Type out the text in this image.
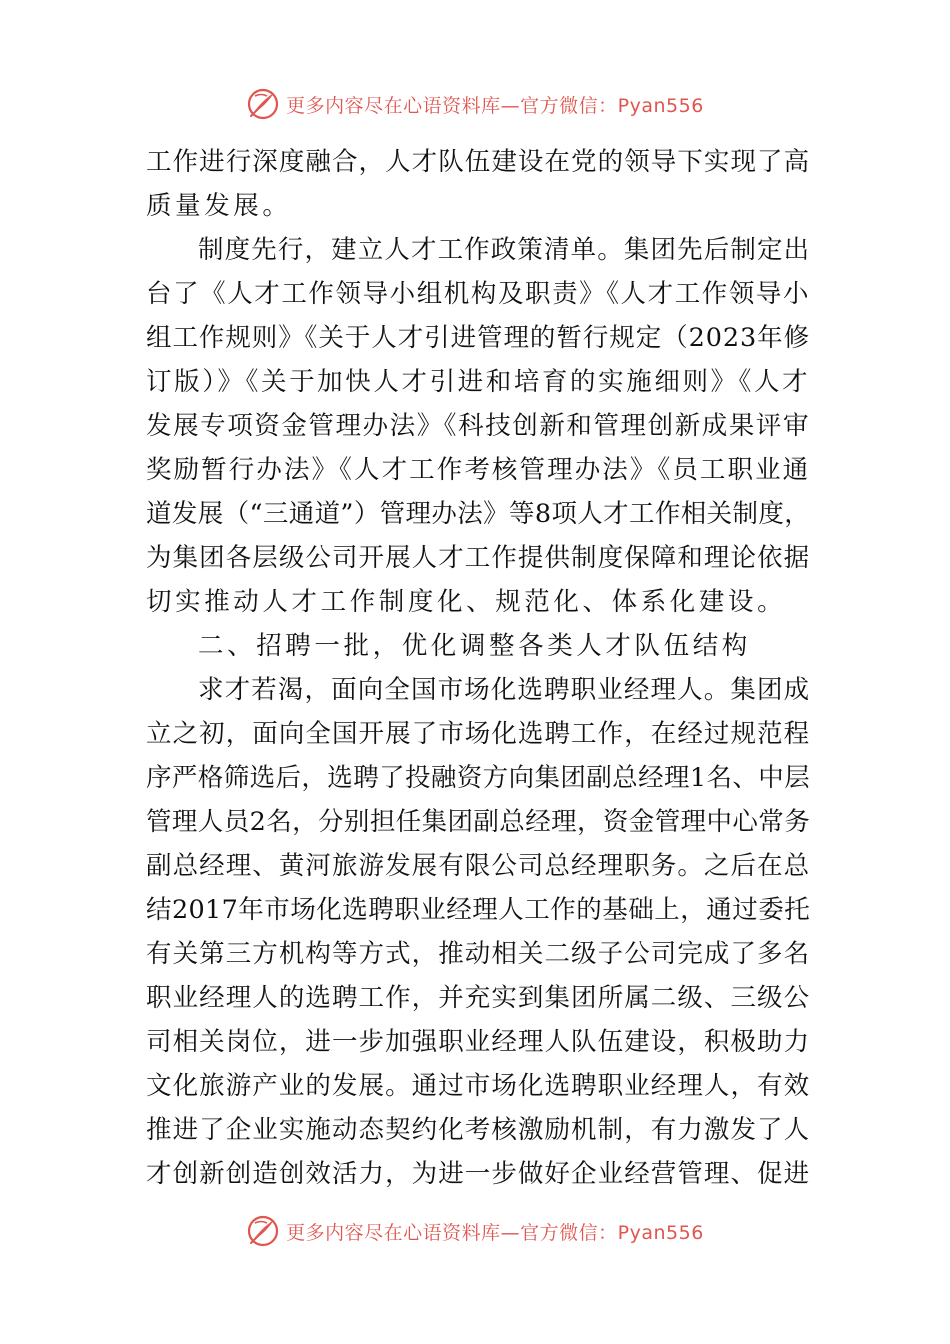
更多内容尽在心语资料库—官方微信：Pyan556
工作进行深度融合，人才队伍建设在党的领导下实现了高
质量发展。
制度先行，建立人才工作政策清单。集团先后制定出
台了《人才工作领导小组机构及职责》《人才工作领导小
组工作规则》《关于人才引进管理的暂行规定（2023年修
订版）》《关于加快人才引进和培育的实施细则》《人才
发展专项资金管理办法》《科技创新和管理创新成果评审
奖励暂行办法》《人才工作考核管理办法》《员工职业通
道发展（“三通道”）管理办法》等8项人才工作相关制度，
为集团各层级公司开展人才工作提供制度保障和理论依据
切实推动人才工作制度化、规范化、体系化建设。
二、招聘一批，优化调整各类人才队伍结构
求才若渴，面向全国市场化选聘职业经理人。集团成
立之初，面向全国开展了市场化选聘工作，在经过规范程
序严格筛选后，选聘了投融资方向集团副总经理1名、中层
管理人员2名，分别担任集团副总经理，资金管理中心常务
副总经理、黄河旅游发展有限公司总经理职务。之后在总
结2017年市场化选聘职业经理人工作的基础上，通过委托
有关第三方机构等方式，推动相关二级子公司完成了多名
职业经理人的选聘工作，并充实到集团所属二级、三级公
司相关岗位，进一步加强职业经理人队伍建设，积极助力
文化旅游产业的发展。通过市场化选聘职业经理人，有效
推进了企业实施动态契约化考核激励机制，有力激发了人
才创新创造创效活力，为进一步做好企业经营管理、促进
更多内容尽在心语资料库—官方微信：Pyan556
